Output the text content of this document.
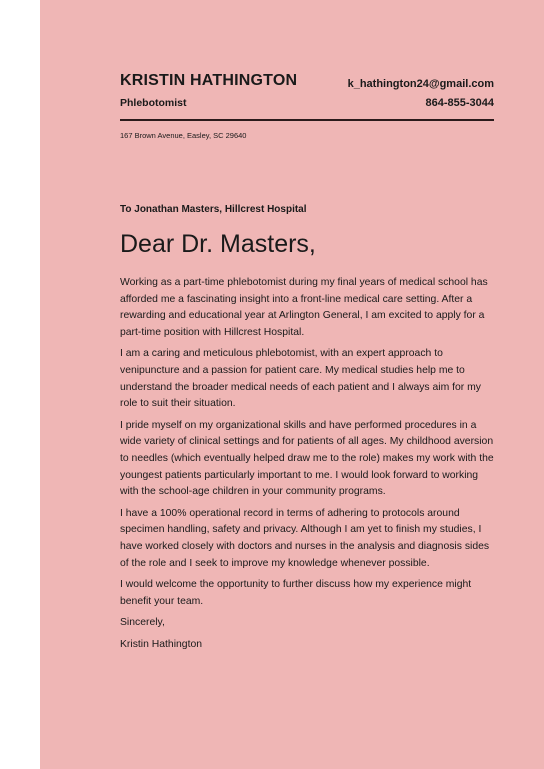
KRISTIN HATHINGTON	k_hathington24@gmail.com
Phlebotomist	864-855-3044
167 Brown Avenue, Easley, SC 29640
To Jonathan Masters, Hillcrest Hospital
Dear Dr. Masters,

Working as a part-time phlebotomist during my final years of medical school has afforded me a fascinating insight into a front-line medical care setting. After a rewarding and educational year at Arlington General, I am excited to apply for a part-time position with Hillcrest Hospital.

I am a caring and meticulous phlebotomist, with an expert approach to venipuncture and a passion for patient care. My medical studies help me to understand the broader medical needs of each patient and I always aim for my role to suit their situation.

I pride myself on my organizational skills and have performed procedures in a wide variety of clinical settings and for patients of all ages. My childhood aversion to needles (which eventually helped draw me to the role) makes my work with the youngest patients particularly important to me. I would look forward to working with the school-age children in your community programs.

I have a 100% operational record in terms of adhering to protocols around specimen handling, safety and privacy. Although I am yet to finish my studies, I have worked closely with doctors and nurses in the analysis and diagnosis sides of the role and I seek to improve my knowledge whenever possible.

I would welcome the opportunity to further discuss how my experience might benefit your team.

Sincerely,

Kristin Hathington
